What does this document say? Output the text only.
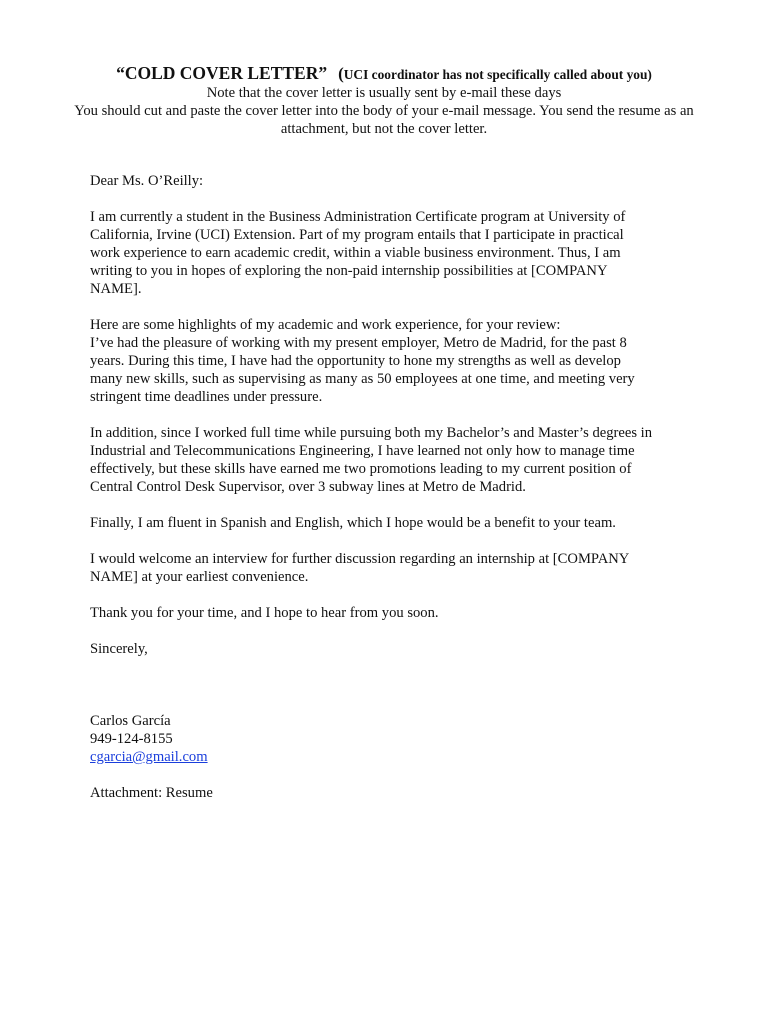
“COLD COVER LETTER” (UCI coordinator has not specifically called about you)
Note that the cover letter is usually sent by e-mail these days
You should cut and paste the cover letter into the body of your e-mail message. You send the resume as an attachment, but not the cover letter.

Dear Ms. O’Reilly:

I am currently a student in the Business Administration Certificate program at University of
California, Irvine (UCI) Extension. Part of my program entails that I participate in practical
work experience to earn academic credit, within a viable business environment. Thus, I am
writing to you in hopes of exploring the non-paid internship possibilities at [COMPANY
NAME].

Here are some highlights of my academic and work experience, for your review:
I’ve had the pleasure of working with my present employer, Metro de Madrid, for the past 8
years. During this time, I have had the opportunity to hone my strengths as well as develop
many new skills, such as supervising as many as 50 employees at one time, and meeting very
stringent time deadlines under pressure.

In addition, since I worked full time while pursuing both my Bachelor’s and Master’s degrees in
Industrial and Telecommunications Engineering, I have learned not only how to manage time
effectively, but these skills have earned me two promotions leading to my current position of
Central Control Desk Supervisor, over 3 subway lines at Metro de Madrid.

Finally, I am fluent in Spanish and English, which I hope would be a benefit to your team.

I would welcome an interview for further discussion regarding an internship at [COMPANY
NAME] at your earliest convenience.

Thank you for your time, and I hope to hear from you soon.

Sincerely,

Carlos García
949-124-8155
cgarcia@gmail.com

Attachment: Resume
